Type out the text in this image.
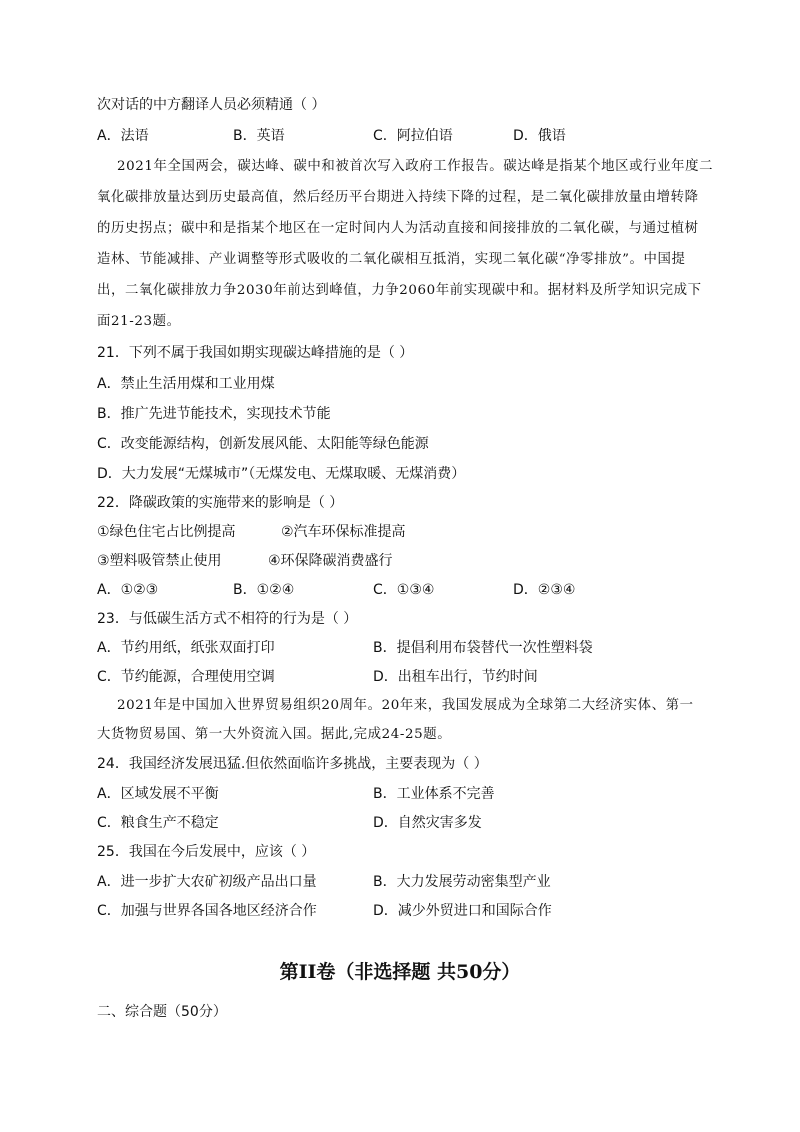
次对话的中方翻译人员必须精通（ ）
A．法语	B．英语	C．阿拉伯语	D．俄语
2021年全国两会，碳达峰、碳中和被首次写入政府工作报告。碳达峰是指某个地区或行业年度二
氧化碳排放量达到历史最高值，然后经历平台期进入持续下降的过程，是二氧化碳排放量由增转降
的历史拐点；碳中和是指某个地区在一定时间内人为活动直接和间接排放的二氧化碳，与通过植树
造林、节能减排、产业调整等形式吸收的二氧化碳相互抵消，实现二氧化碳“净零排放”。中国提
出，二氧化碳排放力争2030年前达到峰值，力争2060年前实现碳中和。据材料及所学知识完成下
面21-23题。
21．下列不属于我国如期实现碳达峰措施的是（ ）
A．禁止生活用煤和工业用煤
B．推广先进节能技术，实现技术节能
C．改变能源结构，创新发展风能、太阳能等绿色能源
D．大力发展“无煤城市”（无煤发电、无煤取暖、无煤消费）
22．降碳政策的实施带来的影响是（ ）
①绿色住宅占比例提高	②汽车环保标准提高
③塑料吸管禁止使用	④环保降碳消费盛行
A．①②③	B．①②④	C．①③④	D．②③④
23．与低碳生活方式不相符的行为是（ ）
A．节约用纸，纸张双面打印	B．提倡利用布袋替代一次性塑料袋
C．节约能源，合理使用空调	D．出租车出行，节约时间
2021年是中国加入世界贸易组织20周年。20年来，我国发展成为全球第二大经济实体、第一
大货物贸易国、第一大外资流入国。据此,完成24-25题。
24．我国经济发展迅猛.但依然面临许多挑战，主要表现为（ ）
A．区域发展不平衡	B．工业体系不完善
C．粮食生产不稳定	D．自然灾害多发
25．我国在今后发展中，应该（ ）
A．进一步扩大农矿初级产品出口量	B．大力发展劳动密集型产业
C．加强与世界各国各地区经济合作	D．减少外贸进口和国际合作
第II卷（非选择题 共50分）
二、综合题（50分）
